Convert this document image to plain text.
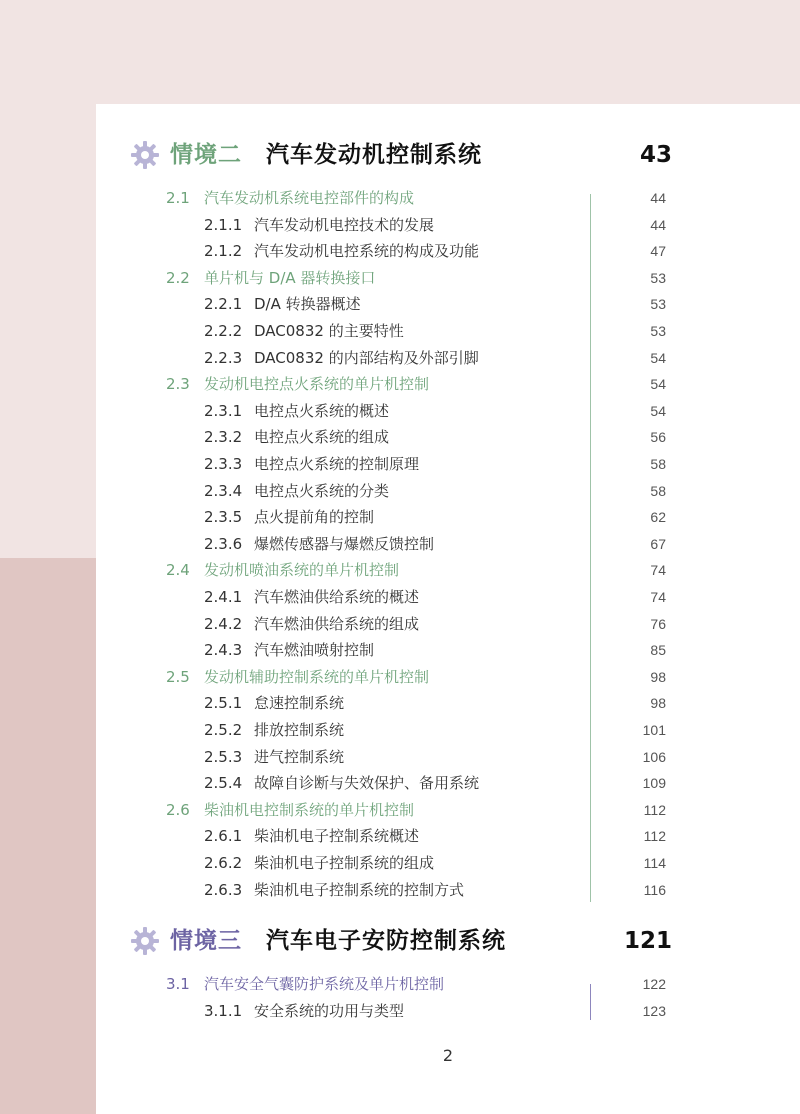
情境二 汽车发动机控制系统	43
2.1 汽车发动机系统电控部件的构成	44
2.1.1 汽车发动机电控技术的发展	44
2.1.2 汽车发动机电控系统的构成及功能	47
2.2 单片机与 D/A 器转换接口	53
2.2.1 D/A 转换器概述	53
2.2.2 DAC0832 的主要特性	53
2.2.3 DAC0832 的内部结构及外部引脚	54
2.3 发动机电控点火系统的单片机控制	54
2.3.1 电控点火系统的概述	54
2.3.2 电控点火系统的组成	56
2.3.3 电控点火系统的控制原理	58
2.3.4 电控点火系统的分类	58
2.3.5 点火提前角的控制	62
2.3.6 爆燃传感器与爆燃反馈控制	67
2.4 发动机喷油系统的单片机控制	74
2.4.1 汽车燃油供给系统的概述	74
2.4.2 汽车燃油供给系统的组成	76
2.4.3 汽车燃油喷射控制	85
2.5 发动机辅助控制系统的单片机控制	98
2.5.1 怠速控制系统	98
2.5.2 排放控制系统	101
2.5.3 进气控制系统	106
2.5.4 故障自诊断与失效保护、备用系统	109
2.6 柴油机电控制系统的单片机控制	112
2.6.1 柴油机电子控制系统概述	112
2.6.2 柴油机电子控制系统的组成	114
2.6.3 柴油机电子控制系统的控制方式	116
情境三 汽车电子安防控制系统	121
3.1 汽车安全气囊防护系统及单片机控制	122
3.1.1 安全系统的功用与类型	123
2
